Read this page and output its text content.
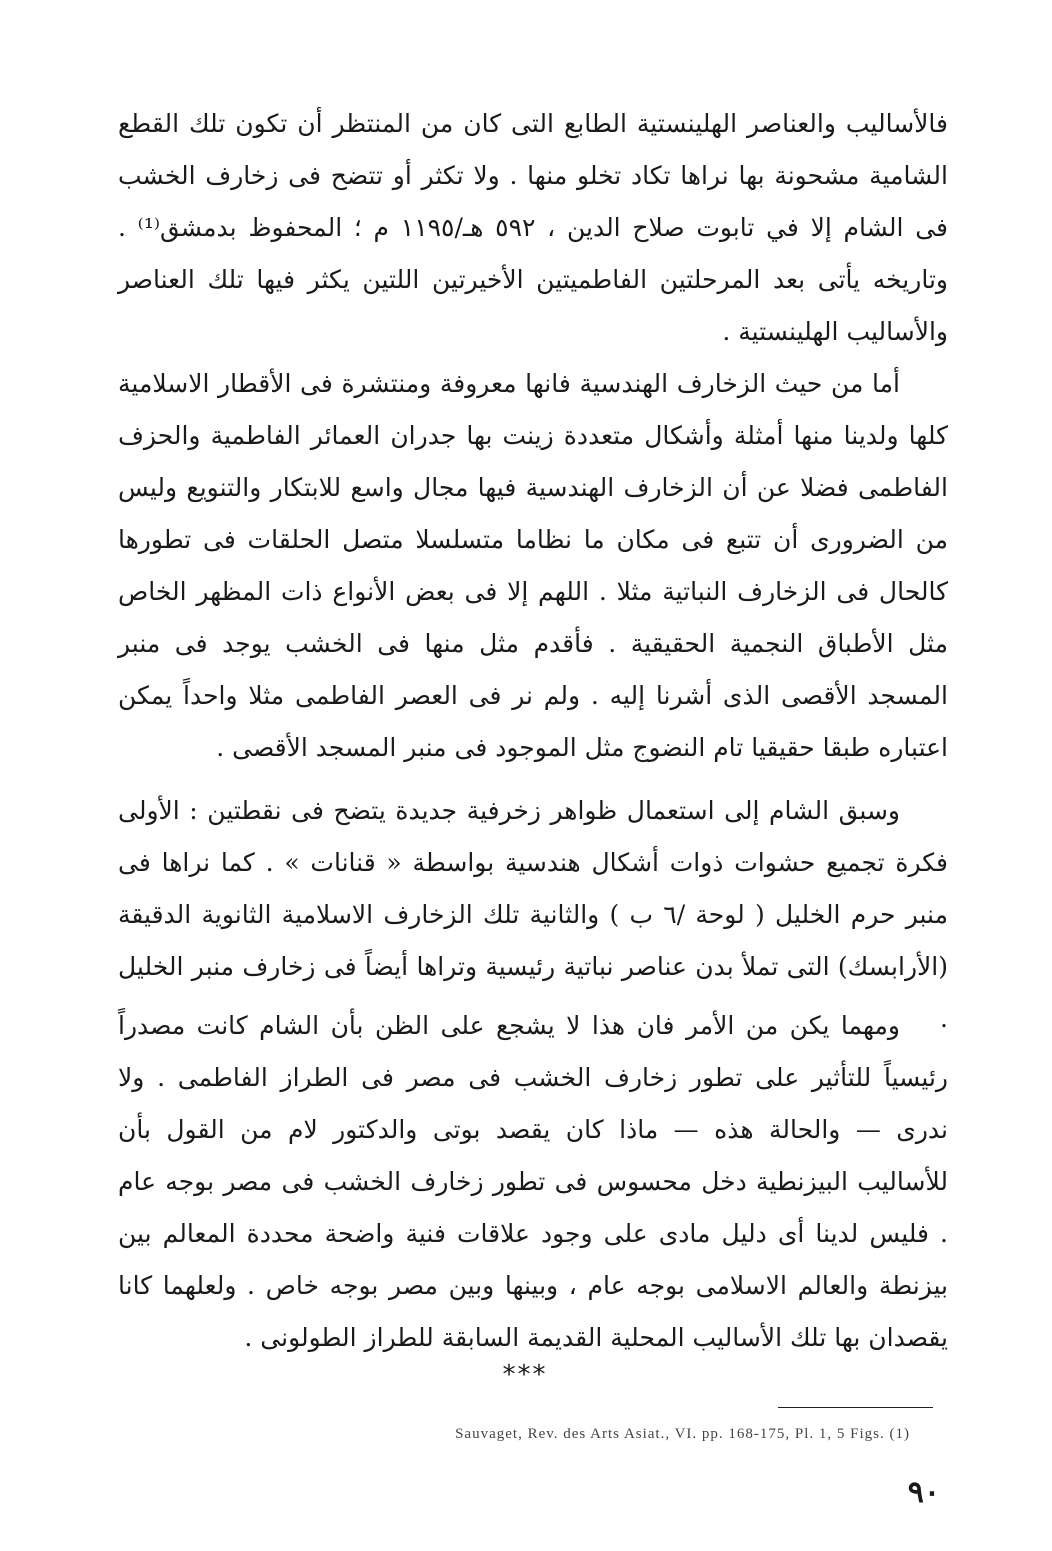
فالأساليب والعناصر الهلينستية الطابع التى كان من المنتظر أن تكون تلك القطع الشامية مشحونة بها نراها تكاد تخلو منها . ولا تكثر أو تتضح فى زخارف الخشب فى الشام إلا في تابوت صلاح الدين ، ٥٩٢ هـ/١١٩٥ م ؛ المحفوظ بدمشق⁽¹⁾ . وتاريخه يأتى بعد المرحلتين الفاطميتين الأخيرتين اللتين يكثر فيها تلك العناصر والأساليب الهلينستية .

أما من حيث الزخارف الهندسية فانها معروفة ومنتشرة فى الأقطار الاسلامية كلها ولدينا منها أمثلة وأشكال متعددة زينت بها جدران العمائر الفاطمية والحزف الفاطمى فضلا عن أن الزخارف الهندسية فيها مجال واسع للابتكار والتنويع وليس من الضرورى أن تتبع فى مكان ما نظاما متسلسلا متصل الحلقات فى تطورها كالحال فى الزخارف النباتية مثلا . اللهم إلا فى بعض الأنواع ذات المظهر الخاص مثل الأطباق النجمية الحقيقية . فأقدم مثل منها فى الخشب يوجد فى منبر المسجد الأقصى الذى أشرنا إليه . ولم نر فى العصر الفاطمى مثلا واحداً يمكن اعتباره طبقا حقيقيا تام النضوج مثل الموجود فى منبر المسجد الأقصى .

وسبق الشام إلى استعمال ظواهر زخرفية جديدة يتضح فى نقطتين : الأولى فكرة تجميع حشوات ذوات أشكال هندسية بواسطة « قنانات » . كما نراها فى منبر حرم الخليل ( لوحة /٦ ب ) والثانية تلك الزخارف الاسلامية الثانوية الدقيقة (الأرابسك) التى تملأ بدن عناصر نباتية رئيسية وتراها أيضاً فى زخارف منبر الخليل .

ومهما يكن من الأمر فان هذا لا يشجع على الظن بأن الشام كانت مصدراً رئيسياً للتأثير على تطور زخارف الخشب فى مصر فى الطراز الفاطمى . ولا ندرى — والحالة هذه — ماذا كان يقصد بوتى والدكتور لام من القول بأن للأساليب البيزنطية دخل محسوس فى تطور زخارف الخشب فى مصر بوجه عام . فليس لدينا أى دليل مادى على وجود علاقات فنية واضحة محددة المعالم بين بيزنطة والعالم الاسلامى بوجه عام ، وبينها وبين مصر بوجه خاص . ولعلهما كانا يقصدان بها تلك الأساليب المحلية القديمة السابقة للطراز الطولونى .

***
Sauvaget, Rev. des Arts Asiat., VI. pp. 168-175, Pl. 1, 5 Figs. (1)
٩٠
